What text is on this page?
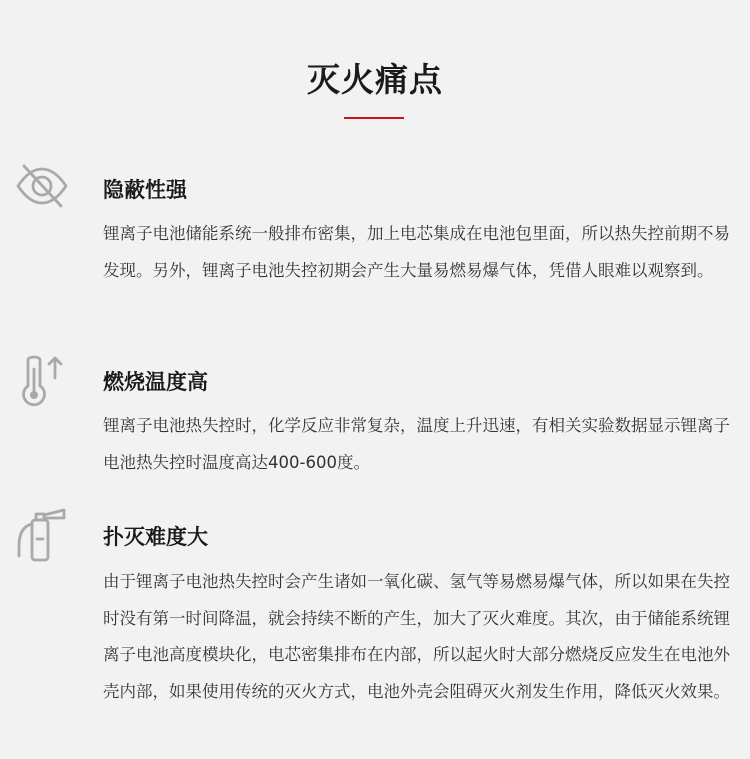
灭火痛点
隐蔽性强

锂离子电池储能系统一般排布密集，加上电芯集成在电池包里面，所以热失控前期不易发现。另外，锂离子电池失控初期会产生大量易燃易爆气体，凭借人眼难以观察到。

燃烧温度高

锂离子电池热失控时，化学反应非常复杂，温度上升迅速，有相关实验数据显示锂离子电池热失控时温度高达400-600度。

扑灭难度大

由于锂离子电池热失控时会产生诸如一氧化碳、氢气等易燃易爆气体，所以如果在失控时没有第一时间降温，就会持续不断的产生，加大了灭火难度。其次，由于储能系统锂离子电池高度模块化，电芯密集排布在内部，所以起火时大部分燃烧反应发生在电池外壳内部，如果使用传统的灭火方式，电池外壳会阻碍灭火剂发生作用，降低灭火效果。
